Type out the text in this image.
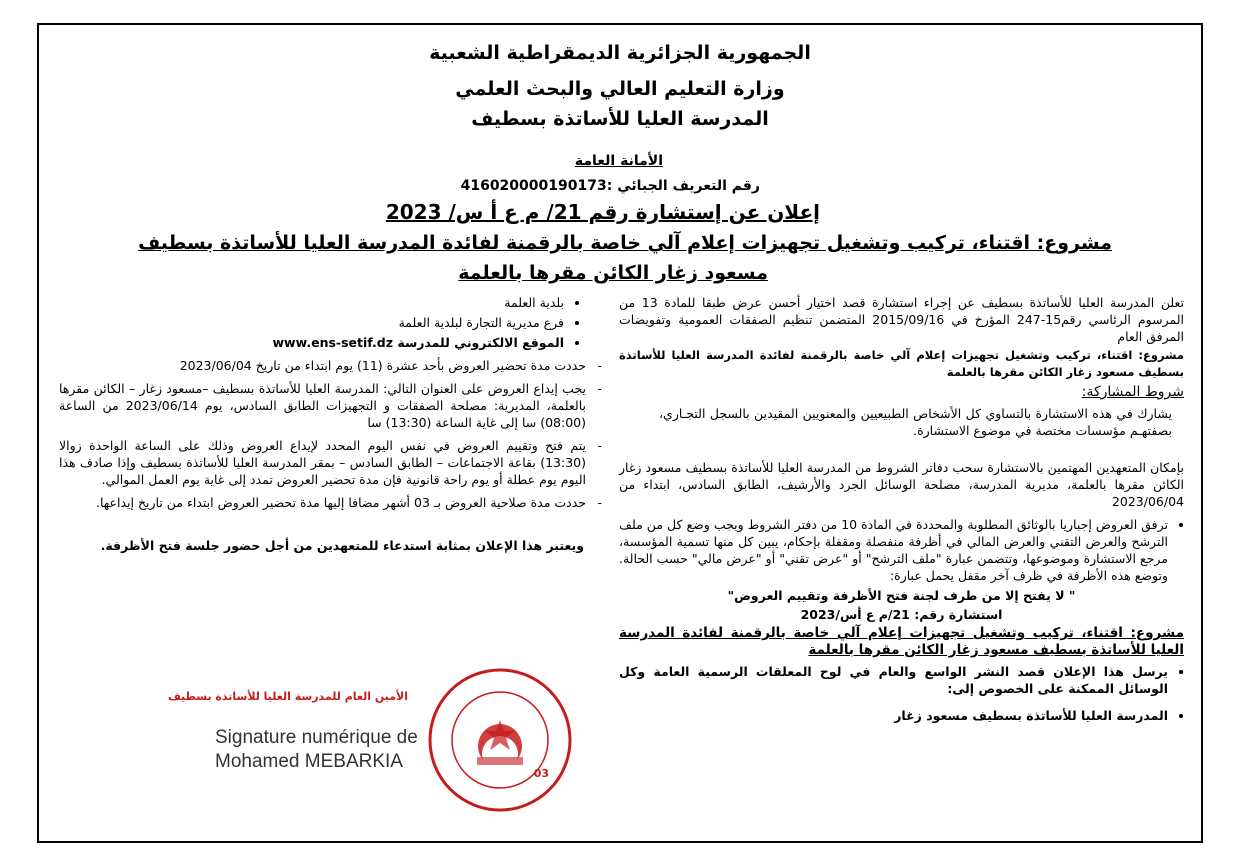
الجمهورية الجزائرية الديمقراطية الشعبية
وزارة التعليم العالي والبحث العلمي
المدرسة العليا للأساتذة بسطيف
الأمانة العامة
رقم التعريف الجبائي :416020000190173
إعلان عن إستشارة رقم 21/ م ع أ س/ 2023
مشروع: اقتناء، تركيب وتشغيل تجهيزات إعلام آلي خاصة بالرقمنة لفائدة المدرسة العليا للأساتذة بسطيف
مسعود زغار الكائن مقرها بالعلمة

تعلن المدرسة العليا للأساتذة بسطيف عن إجراء استشارة قصد اختيار أحسن عرض طبقا للمادة 13 من المرسوم الرئاسي رقم15-247 المؤرخ في 2015/09/16 المتضمن تنظيم الصفقات العمومية وتفويضات المرفق العام

مشروع: اقتناء، تركيب وتشغيل تجهيزات إعلام آلي خاصة بالرقمنة لفائدة المدرسة العليا للأساتذة بسطيف مسعود زغار الكائن مقرها بالعلمة

شروط المشاركة:

يشارك في هذه الاستشارة بالتساوي كل الأشخاص الطبيعيين والمعنويين المقيدين بالسجل التجـاري، بصفتهـم مؤسسات مختصة في موضوع الاستشارة.

بإمكان المتعهدين المهتمين بالاستشارة سحب دفاتر الشروط من المدرسة العليا للأساتذة بسطيف مسعود زغار الكائن مقرها بالعلمة، مديرية المدرسة، مصلحة الوسائل الجرد والأرشيف، الطابق السادس، ابتداء من 2023/06/04

• ترفق العروض إجباريا بالوثائق المطلوبة والمحددة في المادة 10 من دفتر الشروط ويجب وضع كل من ملف الترشح والعرض التقني والعرض المالي في أظرفة منفصلة ومقفلة بإحكام، يبين كل منها تسمية المؤسسة، مرجع الاستشارة وموضوعها، وتتضمن عبارة "ملف الترشح" أو "عرض تقني" أو "عرض مالي" حسب الحالة. وتوضع هذه الأظرفة في ظرف آخر مقفل يحمل عبارة:

" لا يفتح إلا من طرف لجنة فتح الأظرفة وتقييم العروض"

استشارة رقم: 21/م ع أس/2023

مشروع: اقتناء، تركيب وتشغيل تجهيزات إعلام آلي خاصة بالرقمنة لفائدة المدرسة العليا للأساتذة بسطيف مسعود زغار الكائن مقرها بالعلمة

• يرسل هذا الإعلان قصد النشر الواسع والعام في لوح المعلقات الرسمية العامة وكل الوسائل الممكنة على الخصوص إلى:
• المدرسة العليا للأساتذة بسطيف مسعود زغار
• بلدية العلمة
• فرع مديرية التجارة لبلدية العلمة
• الموقع الالكتروني للمدرسة www.ens-setif.dz
- حددت مدة تحضير العروض بأحد عشرة (11) يوم ابتداء من تاريخ 2023/06/04
- يجب إيداع العروض على العنوان التالي: المدرسة العليا للأساتذة بسطيف –مسعود زغار – الكائن مقرها بالعلمة، المديرية: مصلحة الصفقات و التجهيزات الطابق السادس، يوم 2023/06/14 من الساعة (08:00) سا إلى غاية الساعة (13:30) سا
- يتم فتح وتقييم العروض في نفس اليوم المحدد لإيداع العروض وذلك على الساعة الواحدة زوالا (13:30) بقاعة الاجتماعات – الطابق السادس – بمقر المدرسة العليا للأساتذة بسطيف وإذا صادف هذا اليوم يوم عطلة أو يوم راحة قانونية فإن مدة تحضير العروض تمدد إلى غاية يوم العمل الموالي.
- حددت مدة صلاحية العروض بـ 03 أشهر مضافا إليها مدة تحضير العروض ابتداء من تاريخ إيداعها.

ويعتبر هذا الإعلان بمثابة استدعاء للمتعهدين من أجل حضور جلسة فتح الأظرفة.

الأمين العام للمدرسة العليا للأساتذة بسطيف
Signature numérique de
Mohamed MEBARKIA
03
